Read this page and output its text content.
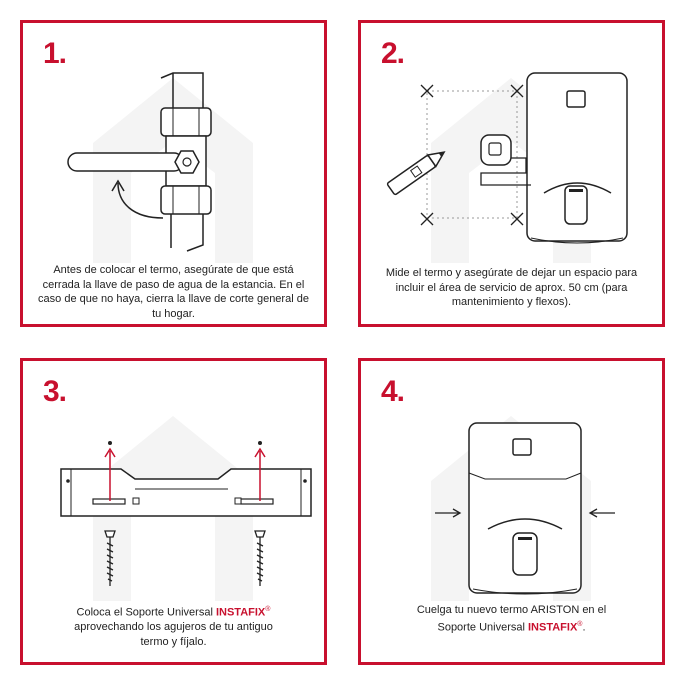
1.
Antes de colocar el termo, asegúrate de que está cerrada la llave de paso de agua de la estancia. En el caso de que no haya, cierra la llave de corte general de tu hogar.
2.
Mide el termo y asegúrate de dejar un espacio para incluir el área de servicio de aprox. 50 cm (para mantenimiento y flexos).
3.
Coloca el Soporte Universal INSTAFIX® aprovechando los agujeros de tu antiguo termo y fíjalo.
4.
Cuelga tu nuevo termo ARISTON en el Soporte Universal INSTAFIX®.
